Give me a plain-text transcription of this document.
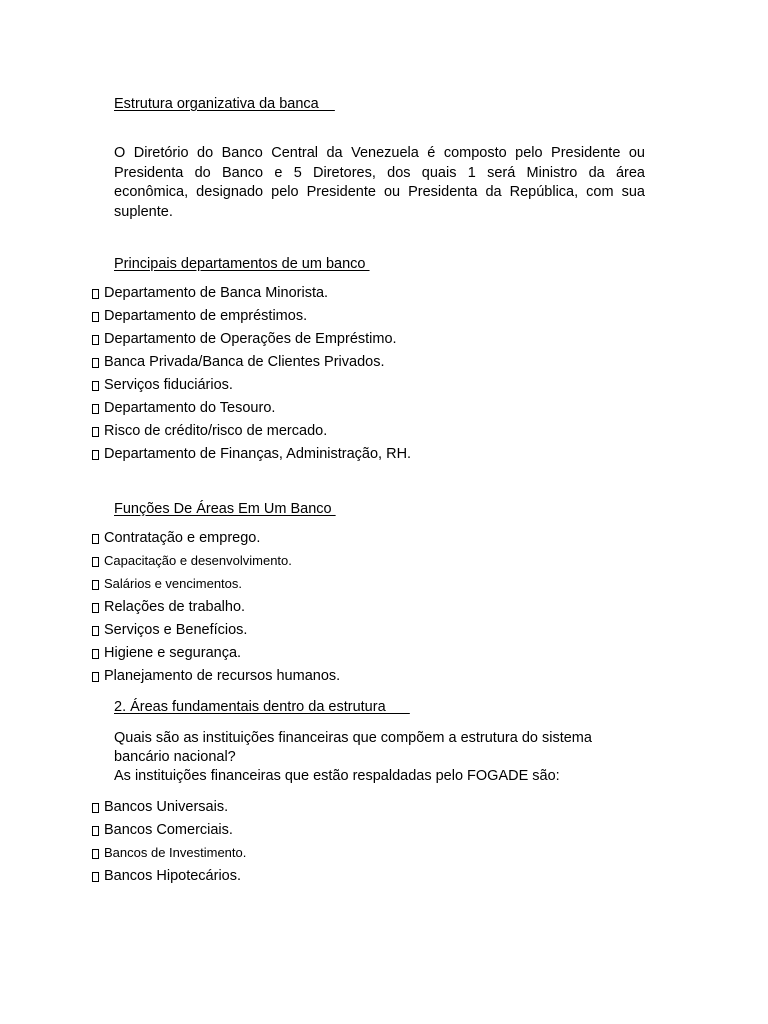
Estrutura organizativa da banca
O Diretório do Banco Central da Venezuela é composto pelo Presidente ou
Presidenta do Banco e 5 Diretores, dos quais 1 será Ministro da área
econômica, designado pelo Presidente ou Presidenta da República, com sua
suplente.
Principais departamentos de um banco
Departamento de Banca Minorista.
Departamento de empréstimos.
Departamento de Operações de Empréstimo.
Banca Privada/Banca de Clientes Privados.
Serviços fiduciários.
Departamento do Tesouro.
Risco de crédito/risco de mercado.
Departamento de Finanças, Administração, RH.
Funções De Áreas Em Um Banco
Contratação e emprego.
Capacitação e desenvolvimento.
Salários e vencimentos.
Relações de trabalho.
Serviços e Benefícios.
Higiene e segurança.
Planejamento de recursos humanos.
2. Áreas fundamentais dentro da estrutura
Quais são as instituições financeiras que compõem a estrutura do sistema
bancário nacional?
As instituições financeiras que estão respaldadas pelo FOGADE são:
Bancos Universais.
Bancos Comerciais.
Bancos de Investimento.
Bancos Hipotecários.
